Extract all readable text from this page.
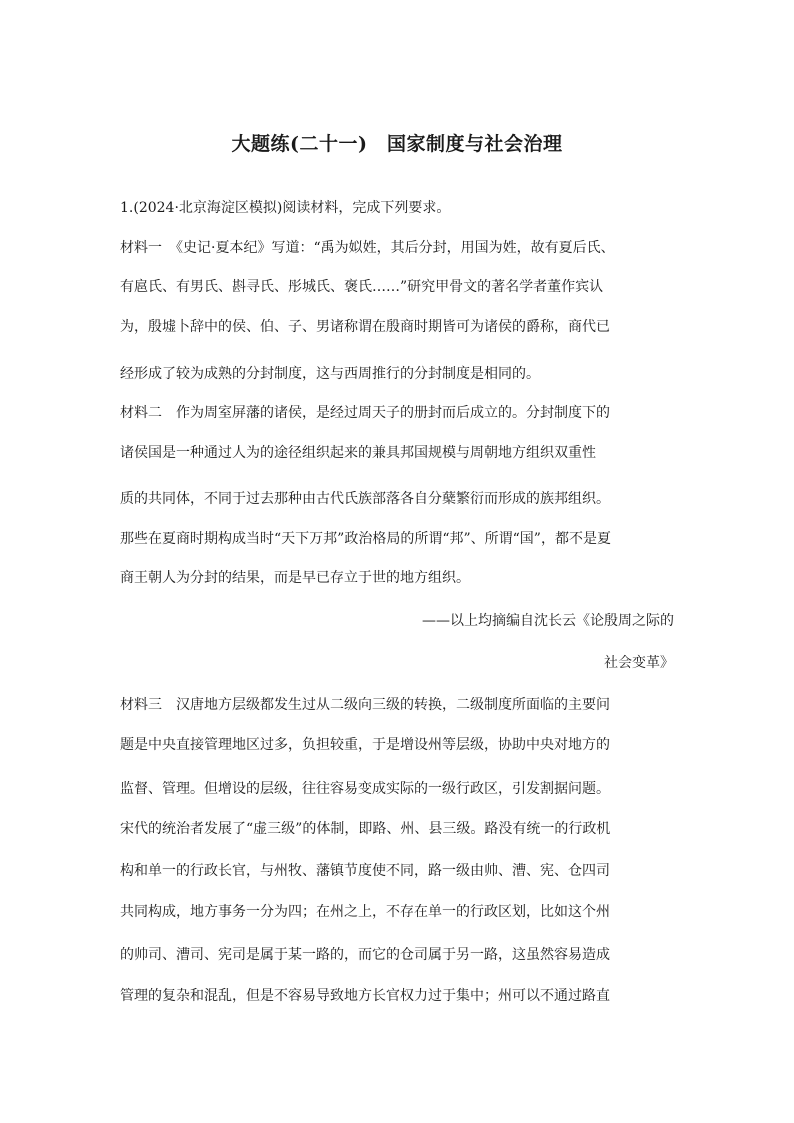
大题练(二十一)　国家制度与社会治理
1.(2024·北京海淀区模拟)阅读材料，完成下列要求。
材料一　《史记·夏本纪》写道：“禹为姒姓，其后分封，用国为姓，故有夏后氏、
有扈氏、有男氏、斟寻氏、彤城氏、褒氏……”研究甲骨文的著名学者董作宾认
为，殷墟卜辞中的侯、伯、子、男诸称谓在殷商时期皆可为诸侯的爵称，商代已
经形成了较为成熟的分封制度，这与西周推行的分封制度是相同的。
材料二　作为周室屏藩的诸侯，是经过周天子的册封而后成立的。分封制度下的
诸侯国是一种通过人为的途径组织起来的兼具邦国规模与周朝地方组织双重性
质的共同体，不同于过去那种由古代氏族部落各自分蘖繁衍而形成的族邦组织。
那些在夏商时期构成当时“天下万邦”政治格局的所谓“邦”、所谓“国”，都不是夏
商王朝人为分封的结果，而是早已存立于世的地方组织。
——以上均摘编自沈长云《论殷周之际的
社会变革》
材料三　汉唐地方层级都发生过从二级向三级的转换，二级制度所面临的主要问
题是中央直接管理地区过多，负担较重，于是增设州等层级，协助中央对地方的
监督、管理。但增设的层级，往往容易变成实际的一级行政区，引发割据问题。
宋代的统治者发展了“虚三级”的体制，即路、州、县三级。路没有统一的行政机
构和单一的行政长官，与州牧、藩镇节度使不同，路一级由帅、漕、宪、仓四司
共同构成，地方事务一分为四；在州之上，不存在单一的行政区划，比如这个州
的帅司、漕司、宪司是属于某一路的，而它的仓司属于另一路，这虽然容易造成
管理的复杂和混乱，但是不容易导致地方长官权力过于集中；州可以不通过路直
